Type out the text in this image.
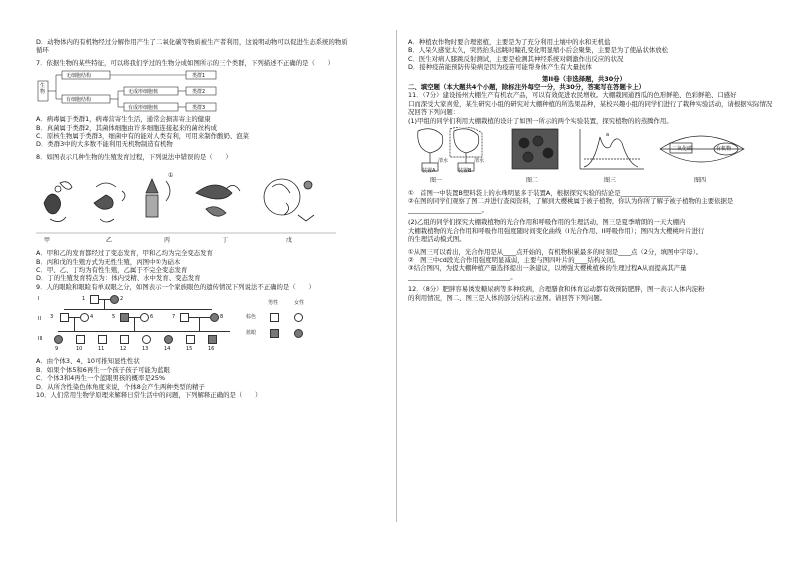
D．动物体内的有机物经过分解作用产生了二氧化碳等物质被生产者利用，这说明动物可以促进生态系统的物质

循环

7．依据生物的某些特征，可以将我们学过的生物分成如图所示的三个类群，下列描述不正确的是（　　）

生物
无细胞结构
有细胞结构
无成形细胞核
有成形细胞核
类群1
类群2
类群3

A．病毒属于类群1，病毒营寄生生活，通常会损害寄主的健康

B．真菌属于类群2，其菌体细胞由许多细胞连接起来的菌丝构成

C．原核生物属于类群3，细菌中有的能对人类有利，可用来制作酸奶、泡菜

D．类群3中的大多数不能利用无机物制造有机物

8．如图表示几种生物的生殖发育过程，下列说法中错误的是（　　）

①
甲	乙	丙	丁	戊

A．甲和乙的发育都经过了变态发育，甲和乙均为完全变态发育

B．丙和戊的生殖方式为无性生殖，丙图中①为砧木

C．甲、乙、丁均为有性生殖，乙属于不完全变态发育

D．丁的生殖发育特点为：体内受精、水中发育、变态发育

9．人的眼睑和眼睑有单双眼之分，如图表示一个家族眼色的遗传情况下列说法不正确的是（　　）

I
II
III
1	2
3	4	5	6	7	8
9	10	11	12	13	14	15	16
男性	女性
棕色
蓝眼

A．由个体3、4、10可推知显性性状

B．如果个体5和6再生一个孩子孩子可能为蓝眼

C．个体3和4再生一个蓝眼男孩的概率是25%

D．从所含性染色体角度来说，个体8会产生两种类型的精子

10．人们常用生物学原理来解释日常生活中的问题，下列解释正确的是（　　）

A．种植农作物时要合理密植，主要是为了充分利用土壤中的水和无机盐

B．人呆久感觉太久，突然抬头远眺时瞳孔变化明显缩小后会聚集，主要是为了使晶状体放松

C．医生对病人膝跳反射测试，主要是检测其神经系统对刺激作出反应的状况

D．接种疫苗能预防传染病是因为疫苗可能帮身体产生有大量抗体

第II卷（非选择题，共30分）

二、填空题（本大题共4个小题，除标注外每空一分，共30分，答案写在答题卡上）

11．（7分）建设扬州大棚生产有机农产品，可以有效促进农民增收。大棚栽园通西瓜的色形鲜艳、色彩鲜艳、口感好

口而深受大家喜爱，某生研究小组的研究对大棚种植的所选果品种，某校兴趣小组的同学们进行了栽种实验活动，请根据实际情况

况回答下列问题：

(1)甲组的同学们利用大棚栽植的设计了如图一所示的两个实验装置，探究植物的的蒸腾作用。

装置A	装置B
清水	清水
a
二氧化碳	有机物
图一	图二	图三	图四

①　首图一中装置B塑料袋上的水珠明显多于装置A，根据探究实验的结论是________________

②在图的同学们观察了图二并进行查阅资料，了解到大樱桃属于被子植物，你认为你所了解子被子植物的主要依据是

_______________________。

(2)乙组的同学们探究大棚栽植物的光合作用和呼吸作用的生理活动，图三是夏季晴朗的一天大棚内

大棚栽植物的光合作用和呼吸作用强度随时间变化曲线（I光合作用、II呼吸作用）；图四为大樱桃叶片进行

的生理活动模式图。

①从图三可以看出，光合作用是从____点开始的，有机物积累最多的时刻是____点（2分，填图中字母）。

②　图三中cd段光合作用强度明显减弱，主要与图四叶片的____结构关闭。

③结合图四，为提大棚种植产量选择提出一条建议，以增强大樱桃植株的生理过程A从而提高其产量

________________________________。

12．（8分）肥胖容易诱发糖尿病等多种疾病，合理膳食和体育运动都有效预防肥胖，图一表示人体内淀粉

的利用情况，图二、图三是人体的部分结构示意图。请回答下列问题。
